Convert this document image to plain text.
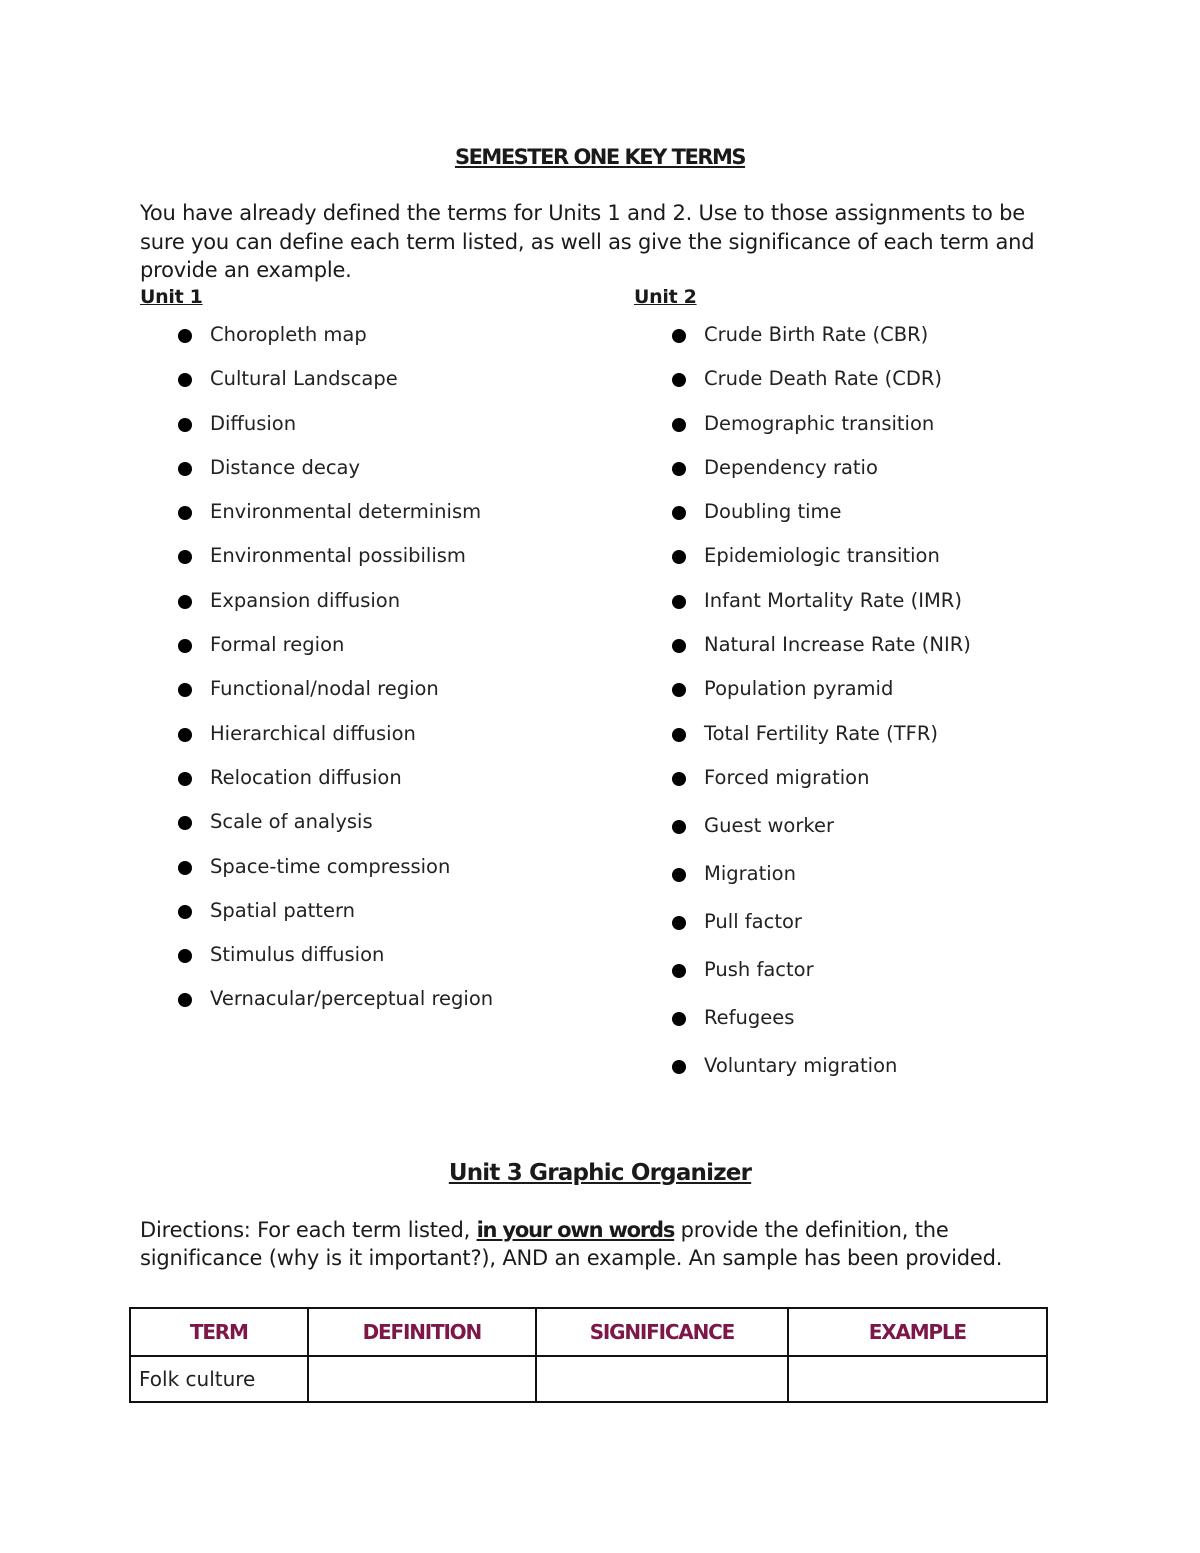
SEMESTER ONE KEY TERMS
You have already defined the terms for Units 1 and 2. Use to those assignments to be sure you can define each term listed, as well as give the significance of each term and provide an example.
Unit 1
Choropleth map
Cultural Landscape
Diffusion
Distance decay
Environmental determinism
Environmental possibilism
Expansion diffusion
Formal region
Functional/nodal region
Hierarchical diffusion
Relocation diffusion
Scale of analysis
Space-time compression
Spatial pattern
Stimulus diffusion
Vernacular/perceptual region
Unit 2
Crude Birth Rate (CBR)
Crude Death Rate (CDR)
Demographic transition
Dependency ratio
Doubling time
Epidemiologic transition
Infant Mortality Rate (IMR)
Natural Increase Rate (NIR)
Population pyramid
Total Fertility Rate (TFR)
Forced migration
Guest worker
Migration
Pull factor
Push factor
Refugees
Voluntary migration
Unit 3 Graphic Organizer
Directions: For each term listed, in your own words provide the definition, the significance (why is it important?), AND an example. An sample has been provided.
TERM	DEFINITION	SIGNIFICANCE	EXAMPLE
Folk culture			
